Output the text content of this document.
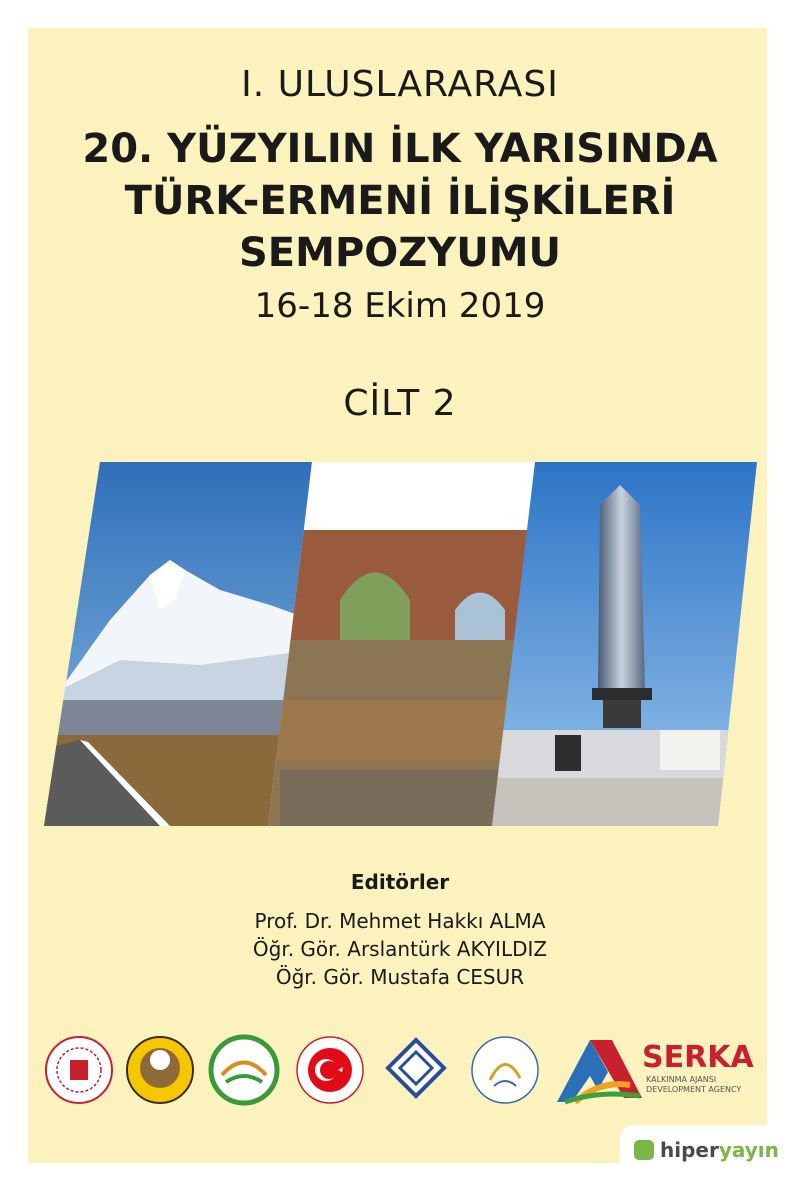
I. ULUSLARARASI
20. YÜZYILIN İLK YARISINDA
TÜRK-ERMENİ İLİŞKİLERİ
SEMPOZYUMU
16-18 Ekim 2019
CİLT 2
Editörler
Prof. Dr. Mehmet Hakkı ALMA
Öğr. Gör. Arslantürk AKYILDIZ
Öğr. Gör. Mustafa CESUR
SERKA
KALKINMA AJANSI
DEVELOPMENT AGENCY
hiperyayın
